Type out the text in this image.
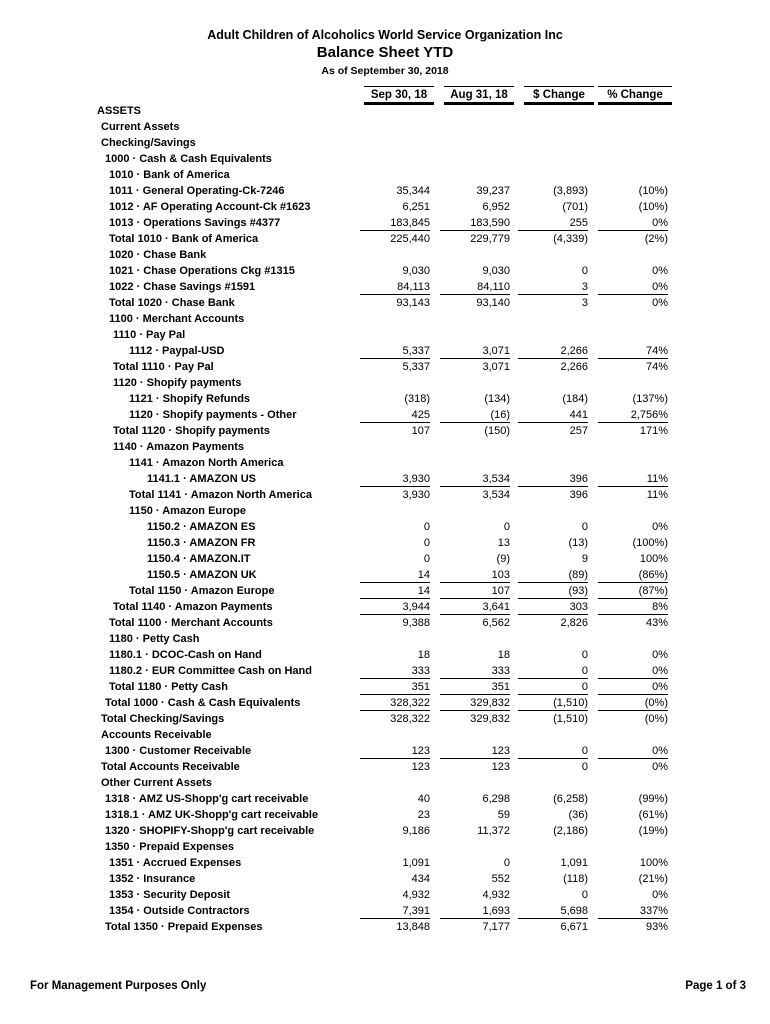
Adult Children of Alcoholics World Service Organization Inc
Balance Sheet YTD
As of September 30, 2018
Sep 30, 18	Aug 31, 18	$ Change	% Change
ASSETS
Current Assets
Checking/Savings
1000 · Cash & Cash Equivalents
1010 · Bank of America
1011 · General Operating-Ck-7246	35,344	39,237	(3,893)	(10%)
1012 · AF Operating Account-Ck #1623	6,251	6,952	(701)	(10%)
1013 · Operations Savings #4377	183,845	183,590	255	0%
Total 1010 · Bank of America	225,440	229,779	(4,339)	(2%)
1020 · Chase Bank
1021 · Chase Operations Ckg #1315	9,030	9,030	0	0%
1022 · Chase Savings #1591	84,113	84,110	3	0%
Total 1020 · Chase Bank	93,143	93,140	3	0%
1100 · Merchant Accounts
1110 · Pay Pal
1112 · Paypal-USD	5,337	3,071	2,266	74%
Total 1110 · Pay Pal	5,337	3,071	2,266	74%
1120 · Shopify payments
1121 · Shopify Refunds	(318)	(134)	(184)	(137%)
1120 · Shopify payments - Other	425	(16)	441	2,756%
Total 1120 · Shopify payments	107	(150)	257	171%
1140 · Amazon Payments
1141 · Amazon North America
1141.1 · AMAZON US	3,930	3,534	396	11%
Total 1141 · Amazon North America	3,930	3,534	396	11%
1150 · Amazon Europe
1150.2 · AMAZON ES	0	0	0	0%
1150.3 · AMAZON FR	0	13	(13)	(100%)
1150.4 · AMAZON.IT	0	(9)	9	100%
1150.5 · AMAZON UK	14	103	(89)	(86%)
Total 1150 · Amazon Europe	14	107	(93)	(87%)
Total 1140 · Amazon Payments	3,944	3,641	303	8%
Total 1100 · Merchant Accounts	9,388	6,562	2,826	43%
1180 · Petty Cash
1180.1 · DCOC-Cash on Hand	18	18	0	0%
1180.2 · EUR Committee Cash on Hand	333	333	0	0%
Total 1180 · Petty Cash	351	351	0	0%
Total 1000 · Cash & Cash Equivalents	328,322	329,832	(1,510)	(0%)
Total Checking/Savings	328,322	329,832	(1,510)	(0%)
Accounts Receivable
1300 · Customer Receivable	123	123	0	0%
Total Accounts Receivable	123	123	0	0%
Other Current Assets
1318 · AMZ US-Shopp'g cart receivable	40	6,298	(6,258)	(99%)
1318.1 · AMZ UK-Shopp'g cart receivable	23	59	(36)	(61%)
1320 · SHOPIFY-Shopp'g cart receivable	9,186	11,372	(2,186)	(19%)
1350 · Prepaid Expenses
1351 · Accrued Expenses	1,091	0	1,091	100%
1352 · Insurance	434	552	(118)	(21%)
1353 · Security Deposit	4,932	4,932	0	0%
1354 · Outside Contractors	7,391	1,693	5,698	337%
Total 1350 · Prepaid Expenses	13,848	7,177	6,671	93%
For Management Purposes Only	Page 1 of 3
